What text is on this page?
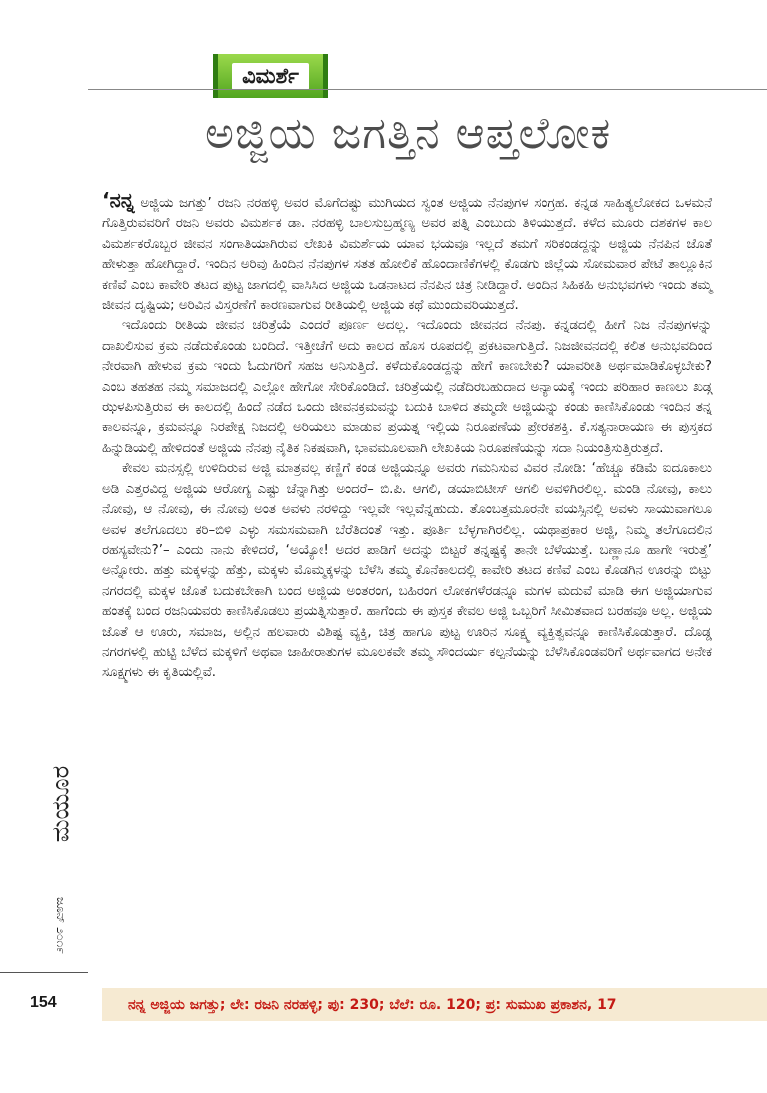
ವಿಮರ್ಶೆ
ಅಜ್ಜಿಯ ಜಗತ್ತಿನ ಆಪ್ತಲೋಕ

‘ನನ್ನ ಅಜ್ಜಿಯ ಜಗತ್ತು’ ರಜನಿ ನರಹಳ್ಳಿ ಅವರ ಮೊಗೆದಷ್ಟು ಮುಗಿಯದ ಸ್ವಂತ ಅಜ್ಜಿಯ ನೆನಪುಗಳ ಸಂಗ್ರಹ. ಕನ್ನಡ ಸಾಹಿತ್ಯಲೋಕದ ಒಳಮನೆ ಗೊತ್ತಿರುವವರಿಗೆ ರಜನಿ ಅವರು ವಿಮರ್ಶಕ ಡಾ. ನರಹಳ್ಳಿ ಬಾಲಸುಬ್ರಹ್ಮಣ್ಯ ಅವರ ಪತ್ನಿ ಎಂಬುದು ತಿಳಿಯುತ್ತದೆ. ಕಳೆದ ಮೂರು ದಶಕಗಳ ಕಾಲ ವಿಮರ್ಶಕರೊಬ್ಬರ ಜೀವನ ಸಂಗಾತಿಯಾಗಿರುವ ಲೇಖಕಿ ವಿಮರ್ಶೆಯ ಯಾವ ಭಯವೂ ಇಲ್ಲದೆ ತಮಗೆ ಸರಿಕಂಡದ್ದನ್ನು ಅಜ್ಜಿಯ ನೆನಪಿನ ಜೊತೆ ಹೇಳುತ್ತಾ ಹೋಗಿದ್ದಾರೆ. ಇಂದಿನ ಅರಿವು ಹಿಂದಿನ ನೆನಪುಗಳ ಸತತ ಹೋಲಿಕೆ ಹೊಂದಾಣಿಕೆಗಳಲ್ಲಿ ಕೊಡಗು ಜಿಲ್ಲೆಯ ಸೋಮವಾರ ಪೇಟೆ ತಾಲ್ಲೂಕಿನ ಕಣಿವೆ ಎಂಬ ಕಾವೇರಿ ತಟದ ಪುಟ್ಟ ಜಾಗದಲ್ಲಿ ವಾಸಿಸಿದ ಅಜ್ಜಿಯ ಒಡನಾಟದ ನೆನಪಿನ ಚಿತ್ರ ನೀಡಿದ್ದಾರೆ. ಅಂದಿನ ಸಿಹಿಕಹಿ ಅನುಭವಗಳು ಇಂದು ತಮ್ಮ ಜೀವನ ದೃಷ್ಟಿಯ; ಅರಿವಿನ ವಿಸ್ತರಣೆಗೆ ಕಾರಣವಾಗುವ ರೀತಿಯಲ್ಲಿ ಅಜ್ಜಿಯ ಕಥೆ ಮುಂದುವರಿಯುತ್ತದೆ.

ಇದೊಂದು ರೀತಿಯ ಜೀವನ ಚರಿತ್ರೆಯೆ ಎಂದರೆ ಪೂರ್ಣ ಅದಲ್ಲ. ಇದೊಂದು ಜೀವನದ ನೆನಪು. ಕನ್ನಡದಲ್ಲಿ ಹೀಗೆ ನಿಜ ನೆನಪುಗಳನ್ನು ದಾಖಲಿಸುವ ಕ್ರಮ ನಡೆದುಕೊಂಡು ಬಂದಿದೆ. ಇತ್ತೀಚೆಗೆ ಅದು ಕಾಲದ ಹೊಸ ರೂಪದಲ್ಲಿ ಪ್ರಕಟವಾಗುತ್ತಿದೆ. ನಿಜಜೀವನದಲ್ಲಿ ಕಲಿತ ಅನುಭವದಿಂದ ನೇರವಾಗಿ ಹೇಳುವ ಕ್ರಮ ಇಂದು ಓದುಗರಿಗೆ ಸಹಜ ಅನಿಸುತ್ತಿದೆ. ಕಳೆದುಕೊಂಡದ್ದನ್ನು ಹೇಗೆ ಕಾಣಬೇಕು? ಯಾವರೀತಿ ಅರ್ಥಮಾಡಿಕೊಳ್ಳಬೇಕು? ಎಂಬ ತಹತಹ ನಮ್ಮ ಸಮಾಜದಲ್ಲಿ ಎಲ್ಲೋ ಹೇಗೋ ಸೇರಿಕೊಂಡಿದೆ. ಚರಿತ್ರೆಯಲ್ಲಿ ನಡೆದಿರಬಹುದಾದ ಅನ್ಯಾಯಕ್ಕೆ ಇಂದು ಪರಿಹಾರ ಕಾಣಲು ಖಡ್ಗ ಝಳಪಿಸುತ್ತಿರುವ ಈ ಕಾಲದಲ್ಲಿ ಹಿಂದೆ ನಡೆದ ಒಂದು ಜೀವನಕ್ರಮವನ್ನು ಬದುಕಿ ಬಾಳಿದ ತಮ್ಮದೇ ಅಜ್ಜಿಯನ್ನು ಕಂಡು ಕಾಣಿಸಿಕೊಂಡು ಇಂದಿನ ತನ್ನ ಕಾಲವನ್ನೂ, ಕ್ರಮವನ್ನೂ ನಿರಪೇಕ್ಷ ನಿಜದಲ್ಲಿ ಅರಿಯಲು ಮಾಡುವ ಪ್ರಯತ್ನ ಇಲ್ಲಿಯ ನಿರೂಪಣೆಯ ಪ್ರೇರಕಶಕ್ತಿ. ಕೆ.ಸತ್ಯನಾರಾಯಣ ಈ ಪುಸ್ತಕದ ಹಿನ್ನುಡಿಯಲ್ಲಿ ಹೇಳಿದಂತೆ ಅಜ್ಜಿಯ ನೆನಪು ನೈತಿಕ ನಿಕಷವಾಗಿ, ಭಾವಮೂಲವಾಗಿ ಲೇಖಕಿಯ ನಿರೂಪಣೆಯನ್ನು ಸದಾ ನಿಯಂತ್ರಿಸುತ್ತಿರುತ್ತದೆ.

ಕೇವಲ ಮನಸ್ಸಲ್ಲಿ ಉಳಿದಿರುವ ಅಜ್ಜಿ ಮಾತ್ರವಲ್ಲ ಕಣ್ಣಿಗೆ ಕಂಡ ಅಜ್ಜಿಯನ್ನೂ ಅವರು ಗಮನಿಸುವ ವಿವರ ನೋಡಿ: ‘ಹೆಚ್ಚೂ ಕಡಿಮೆ ಐದೂಕಾಲು ಅಡಿ ಎತ್ತರವಿದ್ದ ಅಜ್ಜಿಯ ಆರೋಗ್ಯ ಎಷ್ಟು ಚೆನ್ನಾಗಿತ್ತು ಅಂದರೆ– ಬಿ.ಪಿ. ಆಗಲಿ, ಡಯಾಬಿಟೀಸ್ ಆಗಲಿ ಅವಳಿಗಿರಲಿಲ್ಲ. ಮಂಡಿ ನೋವು, ಕಾಲು ನೋವು, ಆ ನೋವು, ಈ ನೋವು ಅಂತ ಅವಳು ನರಳಿದ್ದು ಇಲ್ಲವೇ ಇಲ್ಲವೆನ್ನಹುದು. ತೊಂಬತ್ತಮೂರನೇ ವಯಸ್ಸಿನಲ್ಲಿ ಅವಳು ಸಾಯುವಾಗಲೂ ಅವಳ ತಲೆಗೂದಲು ಕರಿ–ಬಿಳಿ ಎಳ್ಳು ಸಮಸಮವಾಗಿ ಬೆರೆತಿದಂತೆ ಇತ್ತು. ಪೂರ್ತಿ ಬೆಳ್ಳಗಾಗಿರಲಿಲ್ಲ. ಯಥಾಪ್ರಕಾರ ಅಜ್ಜಿ, ನಿಮ್ಮ ತಲೆಗೂದಲಿನ ರಹಸ್ಯವೇನು?’– ಎಂದು ನಾನು ಕೇಳಿದರೆ, ‘ಅಯ್ಯೋ! ಅದರ ಪಾಡಿಗೆ ಅದನ್ನು ಬಿಟ್ಟರೆ ತನ್ನಷ್ಟಕ್ಕೆ ತಾನೇ ಬೆಳೆಯುತ್ತೆ. ಬಣ್ಣಾನೂ ಹಾಗೇ ಇರುತ್ತೆ’ ಅನ್ನೋರು. ಹತ್ತು ಮಕ್ಕಳನ್ನು ಹೆತ್ತು, ಮಕ್ಕಳು ಮೊಮ್ಮಕ್ಕಳನ್ನು ಬೆಳೆಸಿ ತಮ್ಮ ಕೊನೆಕಾಲದಲ್ಲಿ ಕಾವೇರಿ ತಟದ ಕಣಿವೆ ಎಂಬ ಕೊಡಗಿನ ಊರನ್ನು ಬಿಟ್ಟು ನಗರದಲ್ಲಿ ಮಕ್ಕಳ ಜೊತೆ ಬದುಕಬೇಕಾಗಿ ಬಂದ ಅಜ್ಜಿಯ ಅಂತರಂಗ, ಬಹಿರಂಗ ಲೋಕಗಳೆರಡನ್ನೂ ಮಗಳ ಮದುವೆ ಮಾಡಿ ಈಗ ಅಜ್ಜಿಯಾಗುವ ಹಂತಕ್ಕೆ ಬಂದ ರಜನಿಯವರು ಕಾಣಿಸಿಕೊಡಲು ಪ್ರಯತ್ನಿಸುತ್ತಾರೆ. ಹಾಗೆಂದು ಈ ಪುಸ್ತಕ ಕೇವಲ ಅಜ್ಜಿ ಒಬ್ಬರಿಗೆ ಸೀಮಿತವಾದ ಬರಹವೂ ಅಲ್ಲ. ಅಜ್ಜಿಯ ಜೊತೆ ಆ ಊರು, ಸಮಾಜ, ಅಲ್ಲಿನ ಹಲವಾರು ವಿಶಿಷ್ಟ ವ್ಯಕ್ತಿ, ಚಿತ್ರ ಹಾಗೂ ಪುಟ್ಟ ಊರಿನ ಸೂಕ್ಷ್ಮ ವ್ಯಕ್ತಿತ್ವವನ್ನೂ ಕಾಣಿಸಿಕೊಡುತ್ತಾರೆ. ದೊಡ್ಡ ನಗರಗಳಲ್ಲಿ ಹುಟ್ಟಿ ಬೆಳೆದ ಮಕ್ಕಳಿಗೆ ಅಥವಾ ಜಾಹೀರಾತುಗಳ ಮೂಲಕವೇ ತಮ್ಮ ಸೌಂದರ್ಯ ಕಲ್ಪನೆಯನ್ನು ಬೆಳೆಸಿಕೊಂಡವರಿಗೆ ಅರ್ಥವಾಗದ ಅನೇಕ ಸೂಕ್ಷ್ಮಗಳು ಈ ಕೃತಿಯಲ್ಲಿವೆ.

ಮಯೂರ
ಜೂನ್ ೨೦೧೯
154	ನನ್ನ ಅಜ್ಜಿಯ ಜಗತ್ತು; ಲೇ: ರಜನಿ ನರಹಳ್ಳಿ; ಪು: 230; ಬೆಲೆ: ರೂ. 120; ಪ್ರ: ಸುಮುಖ ಪ್ರಕಾಶನ, 17
